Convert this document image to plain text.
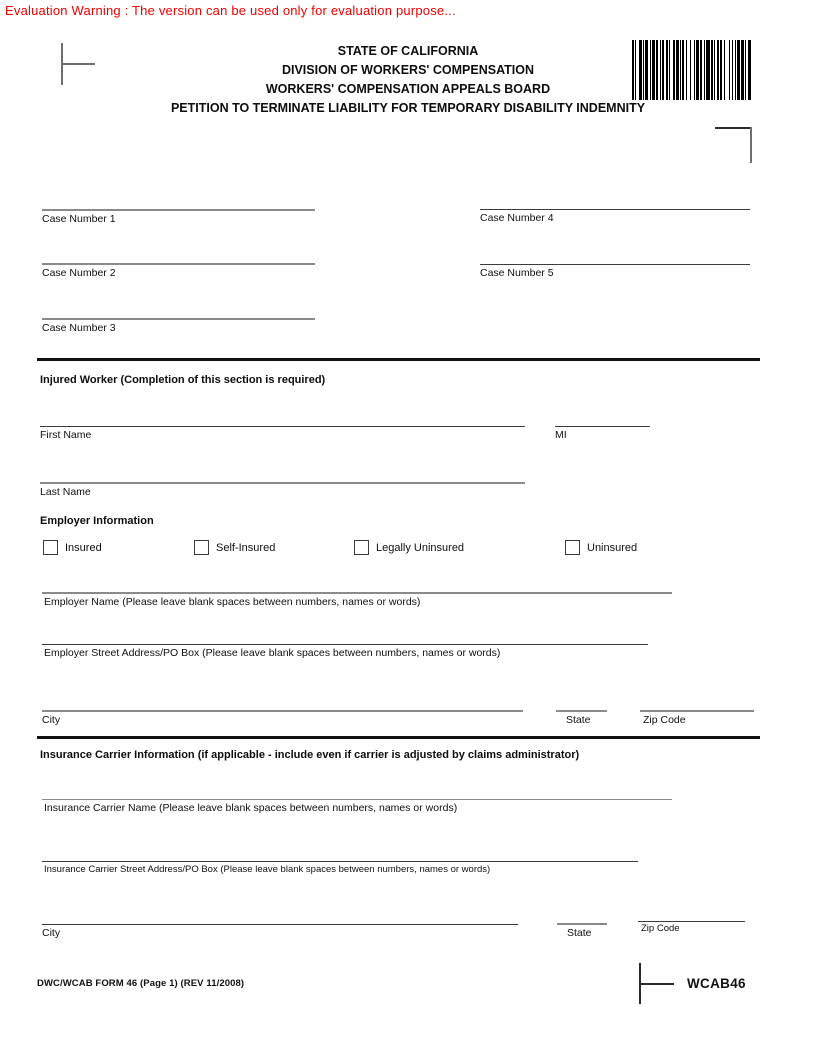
Evaluation Warning : The version can be used only for evaluation purpose...
STATE OF CALIFORNIA
DIVISION OF WORKERS' COMPENSATION
WORKERS' COMPENSATION APPEALS BOARD
PETITION TO TERMINATE LIABILITY FOR TEMPORARY DISABILITY INDEMNITY
Case Number 1
Case Number 2
Case Number 3
Case Number 4
Case Number 5
Injured Worker (Completion of this section is required)
First Name	MI
Last Name
Employer Information
Insured	Self-Insured	Legally Uninsured	Uninsured
Employer Name (Please leave blank spaces between numbers, names or words)
Employer Street Address/PO Box (Please leave blank spaces between numbers, names or words)
City	State	Zip Code
Insurance Carrier Information (if applicable - include even if carrier is adjusted by claims administrator)
Insurance Carrier Name (Please leave blank spaces between numbers, names or words)
Insurance Carrier Street Address/PO Box (Please leave blank spaces between numbers, names or words)
City	State	Zip Code
DWC/WCAB FORM 46 (Page 1) (REV 11/2008)	WCAB46
